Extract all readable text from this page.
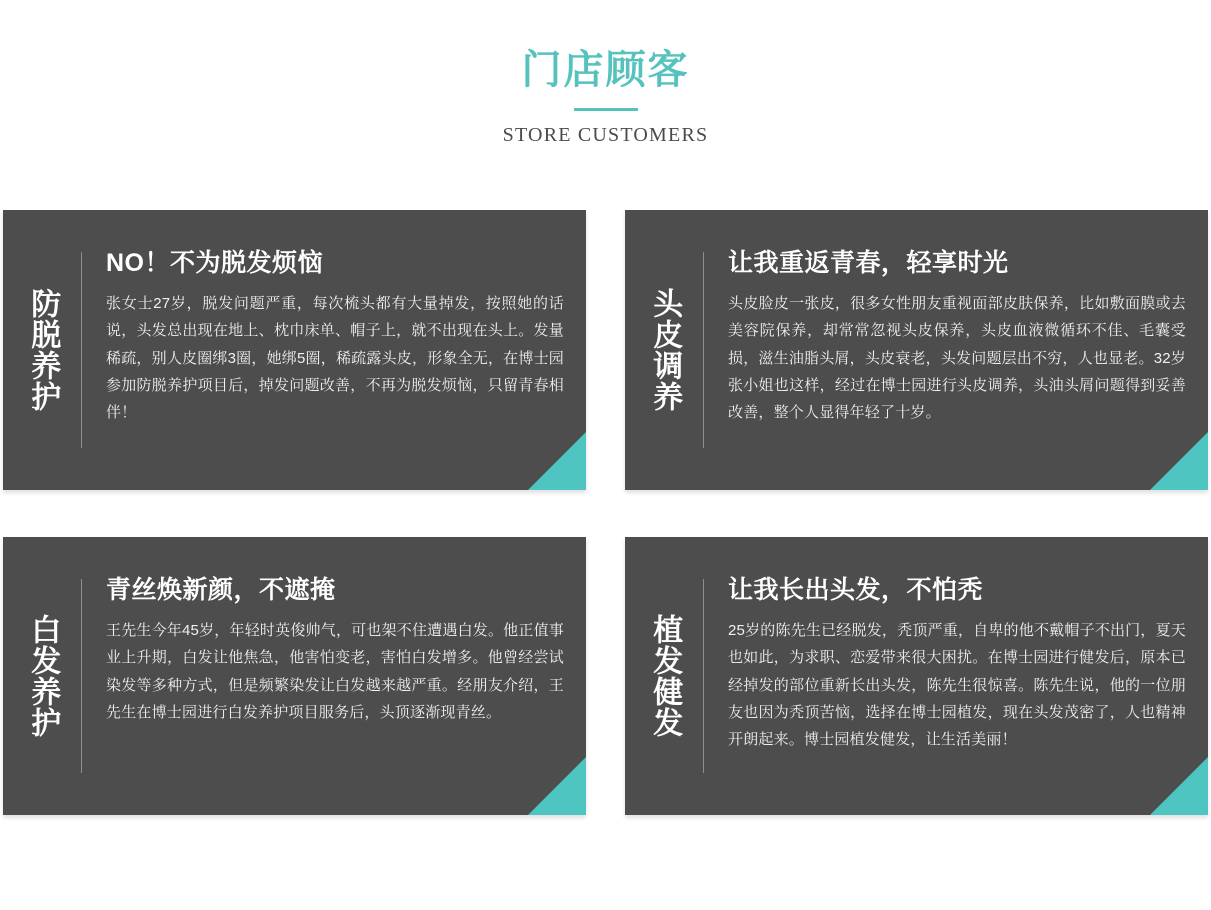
门店顾客
STORE CUSTOMERS
防脱养护
NO！不为脱发烦恼

张女士27岁，脱发问题严重，每次梳头都有大量掉发，按照她的话说，头发总出现在地上、枕巾床单、帽子上，就不出现在头上。发量稀疏，别人皮圈绑3圈，她绑5圈，稀疏露头皮，形象全无，在博士园参加防脱养护项目后，掉发问题改善，不再为脱发烦恼，只留青春相伴！

头皮调养
让我重返青春，轻享时光

头皮脸皮一张皮，很多女性朋友重视面部皮肤保养，比如敷面膜或去美容院保养，却常常忽视头皮保养，头皮血液微循环不佳、毛囊受损，滋生油脂头屑，头皮衰老，头发问题层出不穷，人也显老。32岁张小姐也这样，经过在博士园进行头皮调养，头油头屑问题得到妥善改善，整个人显得年轻了十岁。

白发养护
青丝焕新颜，不遮掩

王先生今年45岁，年轻时英俊帅气，可也架不住遭遇白发。他正值事业上升期，白发让他焦急，他害怕变老，害怕白发增多。他曾经尝试染发等多种方式，但是频繁染发让白发越来越严重。经朋友介绍，王先生在博士园进行白发养护项目服务后，头顶逐渐现青丝。	植发健发
让我长出头发，不怕秃

25岁的陈先生已经脱发，秃顶严重，自卑的他不戴帽子不出门，夏天也如此，为求职、恋爱带来很大困扰。在博士园进行健发后，原本已经掉发的部位重新长出头发，陈先生很惊喜。陈先生说，他的一位朋友也因为秃顶苦恼，选择在博士园植发，现在头发茂密了，人也精神开朗起来。博士园植发健发，让生活美丽！
